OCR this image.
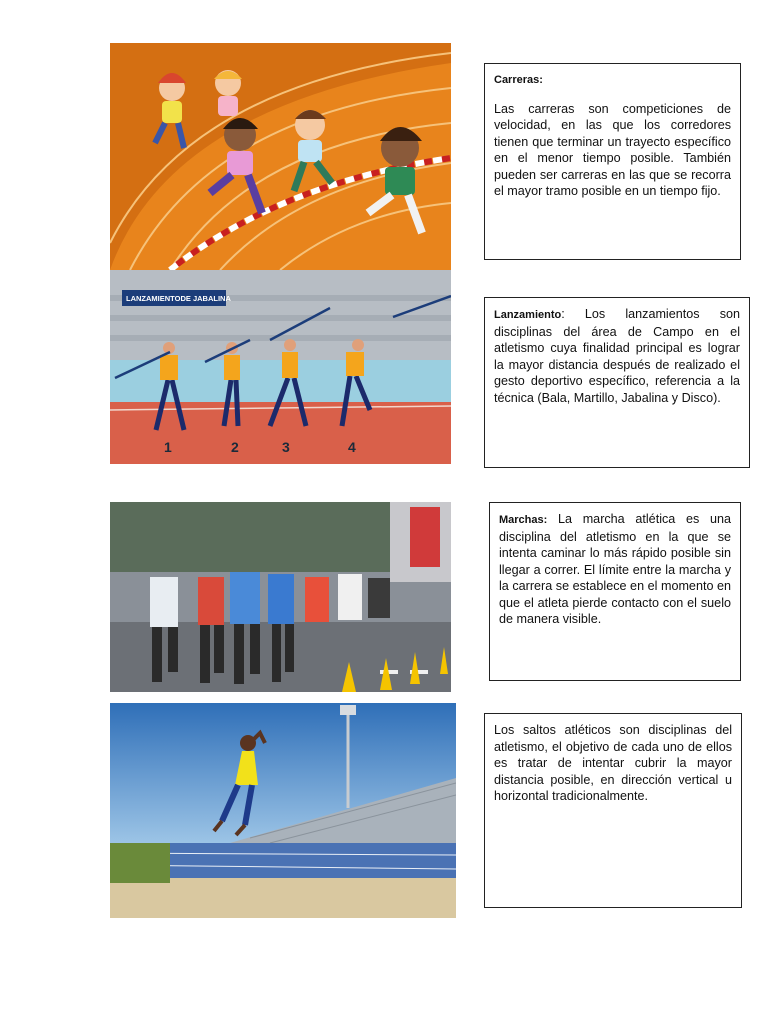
LANZAMIENTODE JABALINA
1	2	3	4
Carreras:
Las carreras son competiciones de velocidad, en las que los corredores tienen que terminar un trayecto específico en el menor tiempo posible. También pueden ser carreras en las que se recorra el mayor tramo posible en un tiempo fijo.
Lanzamiento: Los lanzamientos son disciplinas del área de Campo en el atletismo cuya finalidad principal es lograr la mayor distancia después de realizado el gesto deportivo específico, referencia a la técnica (Bala, Martillo, Jabalina y Disco).
Marchas: La marcha atlética es una disciplina del atletismo en la que se intenta caminar lo más rápido posible sin llegar a correr. El límite entre la marcha y la carrera se establece en el momento en que el atleta pierde contacto con el suelo de manera visible.
Los saltos atléticos son disciplinas del atletismo, el objetivo de cada uno de ellos es tratar de intentar cubrir la mayor distancia posible, en dirección vertical u horizontal tradicionalmente.
